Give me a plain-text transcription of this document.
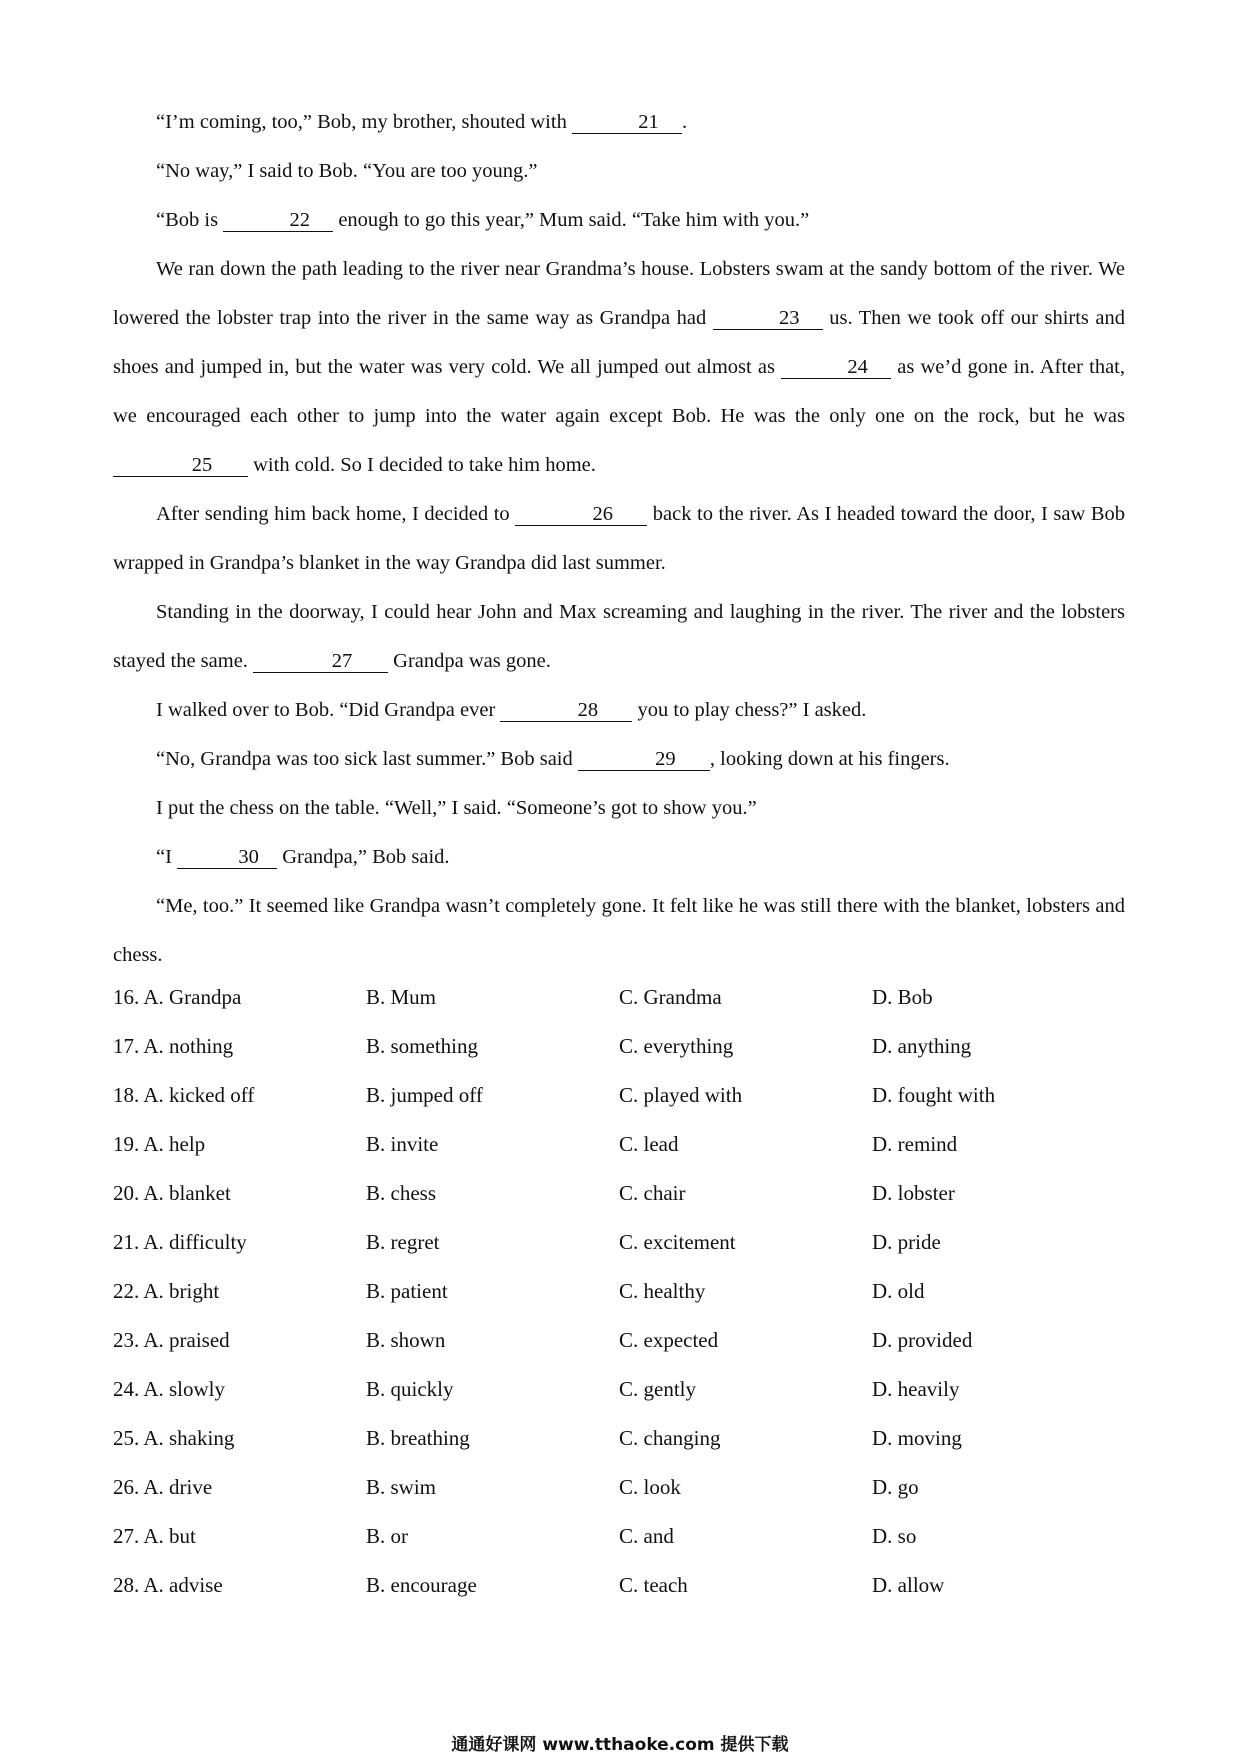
“I’m coming, too,” Bob, my brother, shouted with	21 .

“No way,” I said to Bob. “You are too young.”

“Bob is	22 enough to go this year,” Mum said. “Take him with you.”

We ran down the path leading to the river near Grandma’s house. Lobsters swam at the sandy bottom of the river. We lowered the lobster trap into the river in the same way as Grandpa had	23 us. Then we took off our shirts and shoes and jumped in, but the water was very cold. We all jumped out almost as	24 as we’d gone in. After that, we encouraged each other to jump into the water again except Bob. He was the only one on the rock, but he was 25 with cold. So I decided to take him home.

After sending him back home, I decided to	26 back to the river. As I headed toward the door, I saw Bob wrapped in Grandpa’s blanket in the way Grandpa did last summer.

Standing in the doorway, I could hear John and Max screaming and laughing in the river. The river and the lobsters stayed the same.	27 Grandpa was gone.

I walked over to Bob. “Did Grandpa ever	28 you to play chess?” I asked.

“No, Grandpa was too sick last summer.” Bob said	29 , looking down at his fingers.

I put the chess on the table. “Well,” I said. “Someone’s got to show you.”

“I	30 Grandpa,” Bob said.

“Me, too.” It seemed like Grandpa wasn’t completely gone. It felt like he was still there with the blanket, lobsters and chess.

16. A. Grandpa	B. Mum	C. Grandma	D. Bob
17. A. nothing	B. something	C. everything	D. anything
18. A. kicked off	B. jumped off	C. played with	D. fought with
19. A. help	B. invite	C. lead	D. remind
20. A. blanket	B. chess	C. chair	D. lobster
21. A. difficulty	B. regret	C. excitement	D. pride
22. A. bright	B. patient	C. healthy	D. old
23. A. praised	B. shown	C. expected	D. provided
24. A. slowly	B. quickly	C. gently	D. heavily
25. A. shaking	B. breathing	C. changing	D. moving
26. A. drive	B. swim	C. look	D. go
27. A. but	B. or	C. and	D. so
28. A. advise	B. encourage	C. teach	D. allow
通通好课网 www.tthaoke.com 提供下载
